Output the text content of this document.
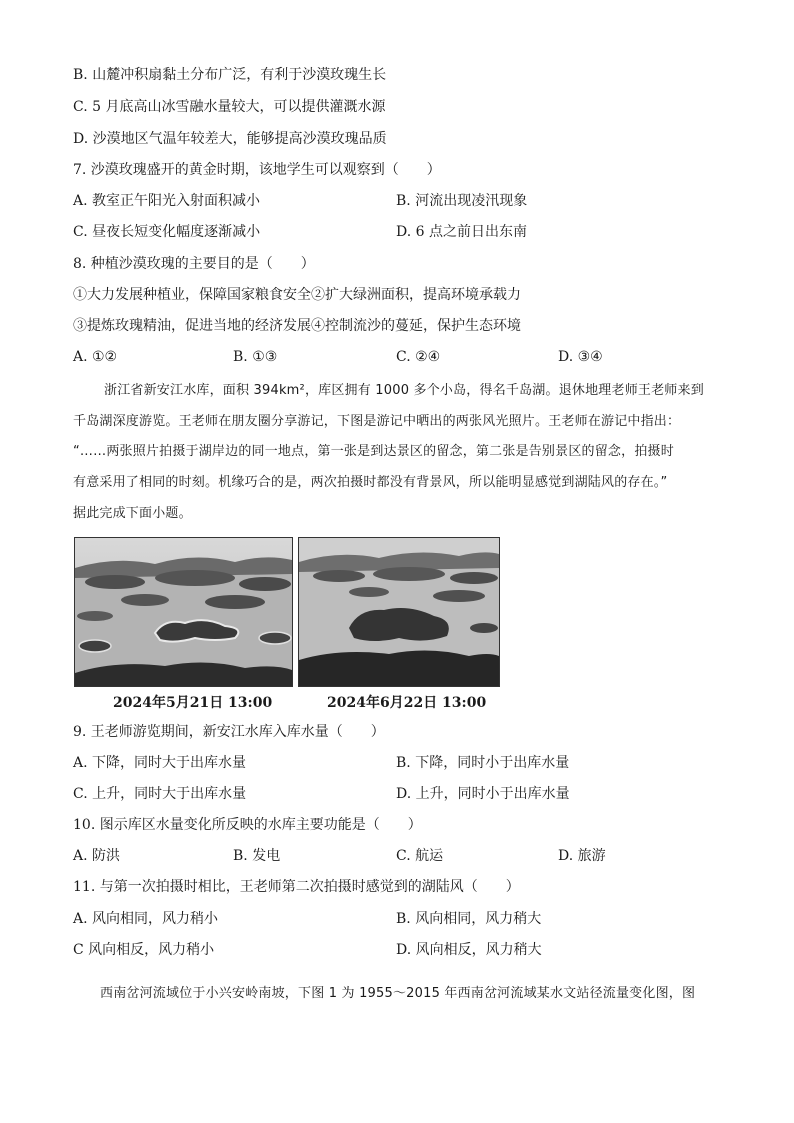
B. 山麓冲积扇黏土分布广泛，有利于沙漠玫瑰生长
C. 5 月底高山冰雪融水量较大，可以提供灌溉水源
D. 沙漠地区气温年较差大，能够提高沙漠玫瑰品质
7. 沙漠玫瑰盛开的黄金时期，该地学生可以观察到（　　）
A. 教室正午阳光入射面积减小	B. 河流出现凌汛现象
C. 昼夜长短变化幅度逐渐减小	D. 6 点之前日出东南
8. 种植沙漠玫瑰的主要目的是（　　）
①大力发展种植业，保障国家粮食安全②扩大绿洲面积，提高环境承载力
③提炼玫瑰精油，促进当地的经济发展④控制流沙的蔓延，保护生态环境
A. ①②	B. ①③	C. ②④	D. ③④
浙江省新安江水库，面积 394km²，库区拥有 1000 多个小岛，得名千岛湖。退休地理老师王老师来到
千岛湖深度游览。王老师在朋友圈分享游记，下图是游记中晒出的两张风光照片。王老师在游记中指出：
“……两张照片拍摄于湖岸边的同一地点，第一张是到达景区的留念，第二张是告别景区的留念，拍摄时
有意采用了相同的时刻。机缘巧合的是，两次拍摄时都没有背景风，所以能明显感觉到湖陆风的存在。”
据此完成下面小题。
2024年5月21日 13:00	2024年6月22日 13:00
9. 王老师游览期间，新安江水库入库水量（　　）
A. 下降，同时大于出库水量	B. 下降，同时小于出库水量
C. 上升，同时大于出库水量	D. 上升，同时小于出库水量
10. 图示库区水量变化所反映的水库主要功能是（　　）
A. 防洪	B. 发电	C. 航运	D. 旅游
11. 与第一次拍摄时相比，王老师第二次拍摄时感觉到的湖陆风（　　）
A. 风向相同，风力稍小	B. 风向相同，风力稍大
C 风向相反，风力稍小	D. 风向相反，风力稍大
西南岔河流域位于小兴安岭南坡，下图 1 为 1955～2015 年西南岔河流域某水文站径流量变化图，图
